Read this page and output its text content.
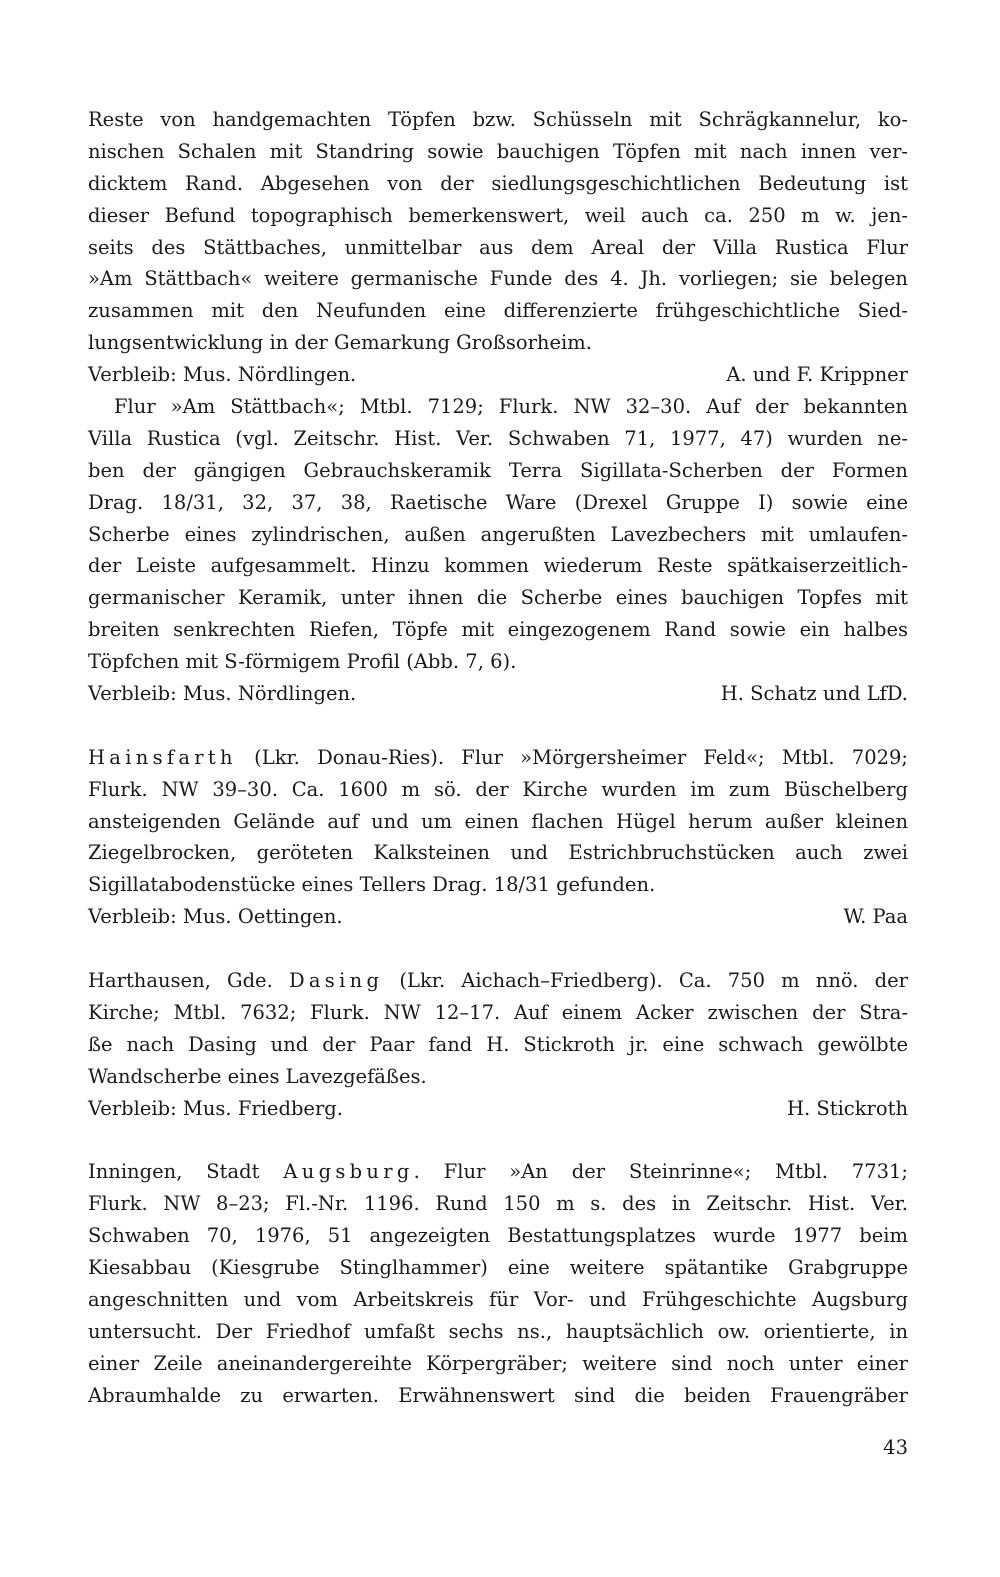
Reste von handgemachten Töpfen bzw. Schüsseln mit Schrägkannelur, ko-
nischen Schalen mit Standring sowie bauchigen Töpfen mit nach innen ver-
dicktem Rand. Abgesehen von der siedlungsgeschichtlichen Bedeutung ist
dieser Befund topographisch bemerkenswert, weil auch ca. 250 m w. jen-
seits des Stättbaches, unmittelbar aus dem Areal der Villa Rustica Flur
»Am Stättbach« weitere germanische Funde des 4. Jh. vorliegen; sie belegen
zusammen mit den Neufunden eine differenzierte frühgeschichtliche Sied-
lungsentwicklung in der Gemarkung Großsorheim.
Verbleib: Mus. Nördlingen.	A. und F. Krippner
Flur »Am Stättbach«; Mtbl. 7129; Flurk. NW 32–30. Auf der bekannten
Villa Rustica (vgl. Zeitschr. Hist. Ver. Schwaben 71, 1977, 47) wurden ne-
ben der gängigen Gebrauchskeramik Terra Sigillata-Scherben der Formen
Drag. 18/31, 32, 37, 38, Raetische Ware (Drexel Gruppe I) sowie eine
Scherbe eines zylindrischen, außen angerußten Lavezbechers mit umlaufen-
der Leiste aufgesammelt. Hinzu kommen wiederum Reste spätkaiserzeitlich-
germanischer Keramik, unter ihnen die Scherbe eines bauchigen Topfes mit
breiten senkrechten Riefen, Töpfe mit eingezogenem Rand sowie ein halbes
Töpfchen mit S-förmigem Profil (Abb. 7, 6).
Verbleib: Mus. Nördlingen.	H. Schatz und LfD.
Hainsfarth (Lkr. Donau-Ries). Flur »Mörgersheimer Feld«; Mtbl. 7029;
Flurk. NW 39–30. Ca. 1600 m sö. der Kirche wurden im zum Büschelberg
ansteigenden Gelände auf und um einen flachen Hügel herum außer kleinen
Ziegelbrocken, geröteten Kalksteinen und Estrichbruchstücken auch zwei
Sigillatabodenstücke eines Tellers Drag. 18/31 gefunden.
Verbleib: Mus. Oettingen.	W. Paa
Harthausen, Gde. Dasing (Lkr. Aichach–Friedberg). Ca. 750 m nnö. der
Kirche; Mtbl. 7632; Flurk. NW 12–17. Auf einem Acker zwischen der Stra-
ße nach Dasing und der Paar fand H. Stickroth jr. eine schwach gewölbte
Wandscherbe eines Lavezgefäßes.
Verbleib: Mus. Friedberg.	H. Stickroth
Inningen, Stadt Augsburg. Flur »An der Steinrinne«; Mtbl. 7731;
Flurk. NW 8–23; Fl.-Nr. 1196. Rund 150 m s. des in Zeitschr. Hist. Ver.
Schwaben 70, 1976, 51 angezeigten Bestattungsplatzes wurde 1977 beim
Kiesabbau (Kiesgrube Stinglhammer) eine weitere spätantike Grabgruppe
angeschnitten und vom Arbeitskreis für Vor- und Frühgeschichte Augsburg
untersucht. Der Friedhof umfaßt sechs ns., hauptsächlich ow. orientierte, in
einer Zeile aneinandergereihte Körpergräber; weitere sind noch unter einer
Abraumhalde zu erwarten. Erwähnenswert sind die beiden Frauengräber
43
